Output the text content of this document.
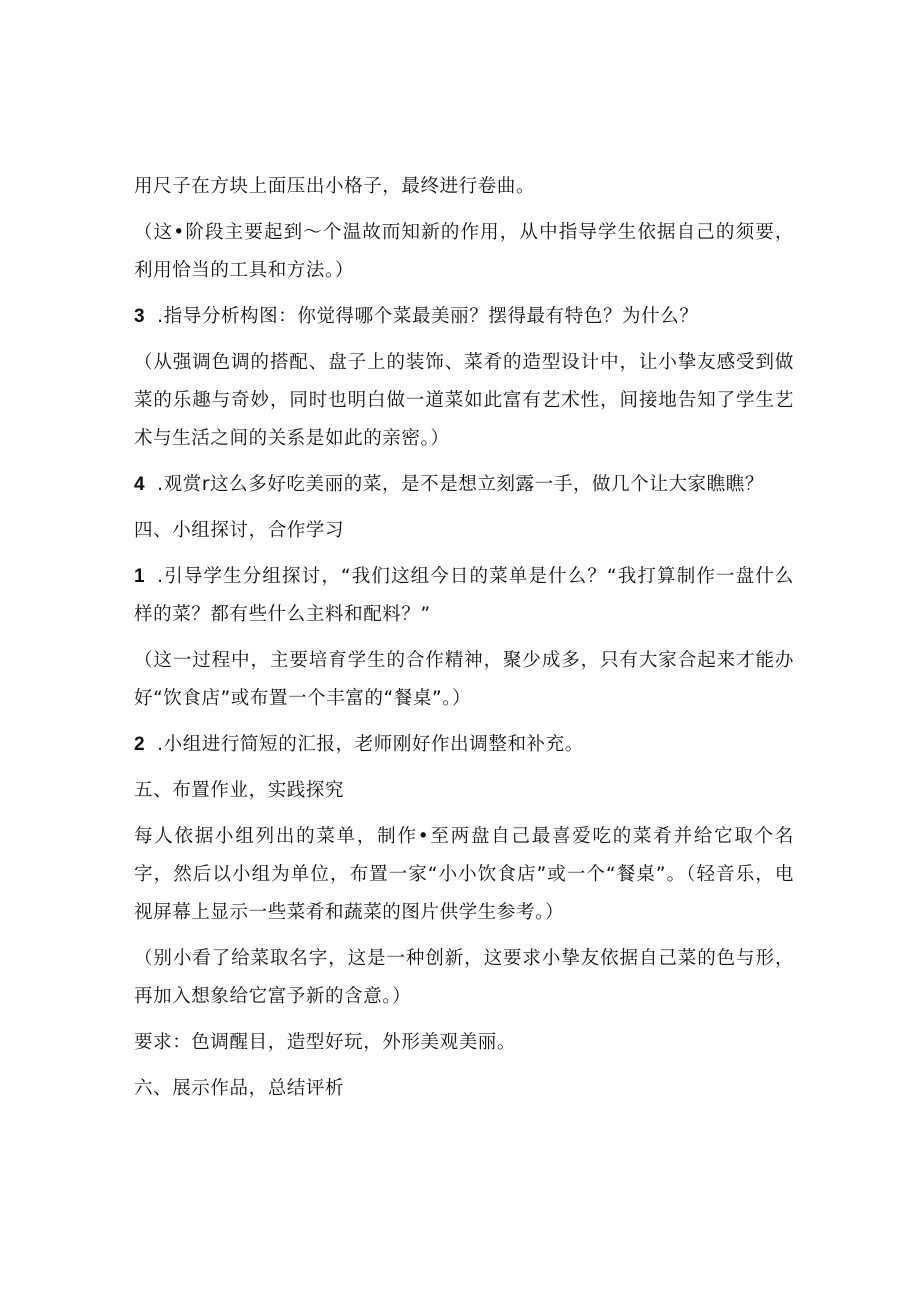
用尺子在方块上面压出小格子，最终进行卷曲。

（这•阶段主要起到～个温故而知新的作用，从中指导学生依据自己的须要，利用恰当的工具和方法。）

3 .指导分析构图：你觉得哪个菜最美丽？摆得最有特色？为什么？

（从强调色调的搭配、盘子上的装饰、菜肴的造型设计中，让小挚友感受到做菜的乐趣与奇妙，同时也明白做一道菜如此富有艺术性，间接地告知了学生艺术与生活之间的关系是如此的亲密。）

4 .观赏r这么多好吃美丽的菜，是不是想立刻露一手，做几个让大家瞧瞧？

四、小组探讨，合作学习

1 .引导学生分组探讨，“我们这组今日的菜单是什么？“我打算制作一盘什么样的菜？都有些什么主料和配料？”

（这一过程中，主要培育学生的合作精神，聚少成多，只有大家合起来才能办好“饮食店”或布置一个丰富的“餐桌”。）

2 .小组进行简短的汇报，老师刚好作出调整和补充。

五、布置作业，实践探究

每人依据小组列出的菜单，制作•至两盘自己最喜爱吃的菜肴并给它取个名字，然后以小组为单位，布置一家“小小饮食店”或一个“餐桌”。（轻音乐，电视屏幕上显示一些菜肴和蔬菜的图片供学生参考。）

（别小看了给菜取名字，这是一种创新，这要求小挚友依据自己菜的色与形，再加入想象给它富予新的含意。）

要求：色调醒目，造型好玩，外形美观美丽。

六、展示作品，总结评析
